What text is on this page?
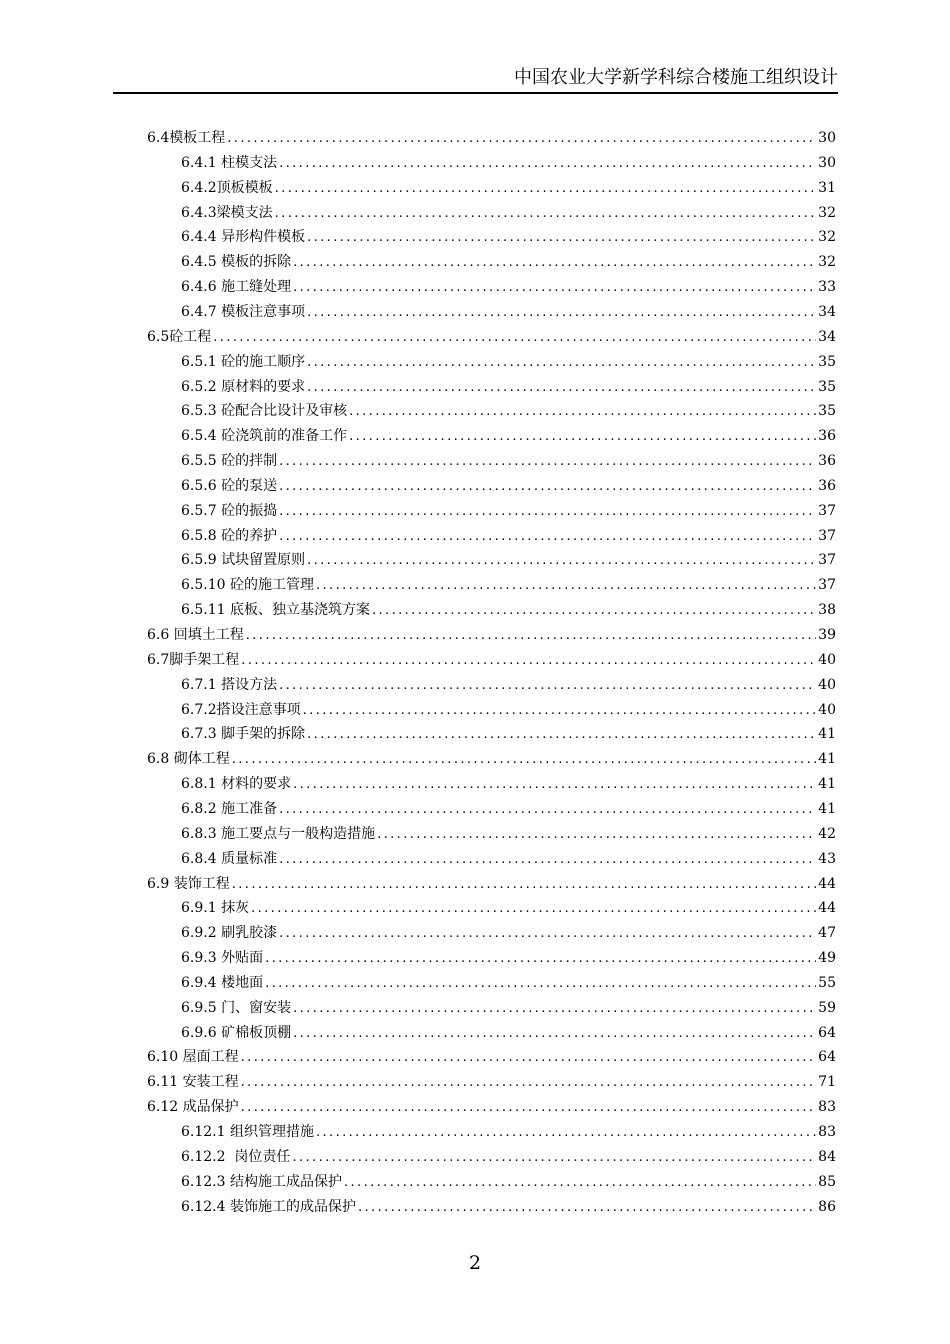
中国农业大学新学科综合楼施工组织设计
6.4模板工程 .....	30
6.4.1 柱模支法 .....	30
6.4.2顶板模板 .....	31
6.4.3梁模支法 .....	32
6.4.4 异形构件模板 .....	32
6.4.5 模板的拆除 .....	32
6.4.6 施工缝处理 .....	33
6.4.7 模板注意事项 .....	34
6.5砼工程 .....	34
6.5.1 砼的施工顺序 .....	35
6.5.2 原材料的要求 .....	35
6.5.3 砼配合比设计及审核 .....	35
6.5.4 砼浇筑前的准备工作 .....	36
6.5.5 砼的拌制 .....	36
6.5.6 砼的泵送 .....	36
6.5.7 砼的振捣 .....	37
6.5.8 砼的养护 .....	37
6.5.9 试块留置原则 .....	37
6.5.10 砼的施工管理 .....	37
6.5.11 底板、独立基浇筑方案 .....	38
6.6 回填土工程 .....	39
6.7脚手架工程 .....	40
6.7.1 搭设方法 .....	40
6.7.2搭设注意事项 .....	40
6.7.3 脚手架的拆除 .....	41
6.8 砌体工程 .....	41
6.8.1 材料的要求 .....	41
6.8.2 施工准备 .....	41
6.8.3 施工要点与一般构造措施 .....	42
6.8.4 质量标准 .....	43
6.9 装饰工程 .....	44
6.9.1 抹灰 .....	44
6.9.2 刷乳胶漆 .....	47
6.9.3 外贴面 .....	49
6.9.4 楼地面 .....	55
6.9.5 门、窗安装 .....	59
6.9.6 矿棉板顶棚 .....	64
6.10 屋面工程 .....	64
6.11 安装工程 .....	71
6.12 成品保护 .....	83
6.12.1 组织管理措施 .....	83
6.12.2  岗位责任 .....	84
6.12.3 结构施工成品保护 .....	85
6.12.4 装饰施工的成品保护 .....	86
2
